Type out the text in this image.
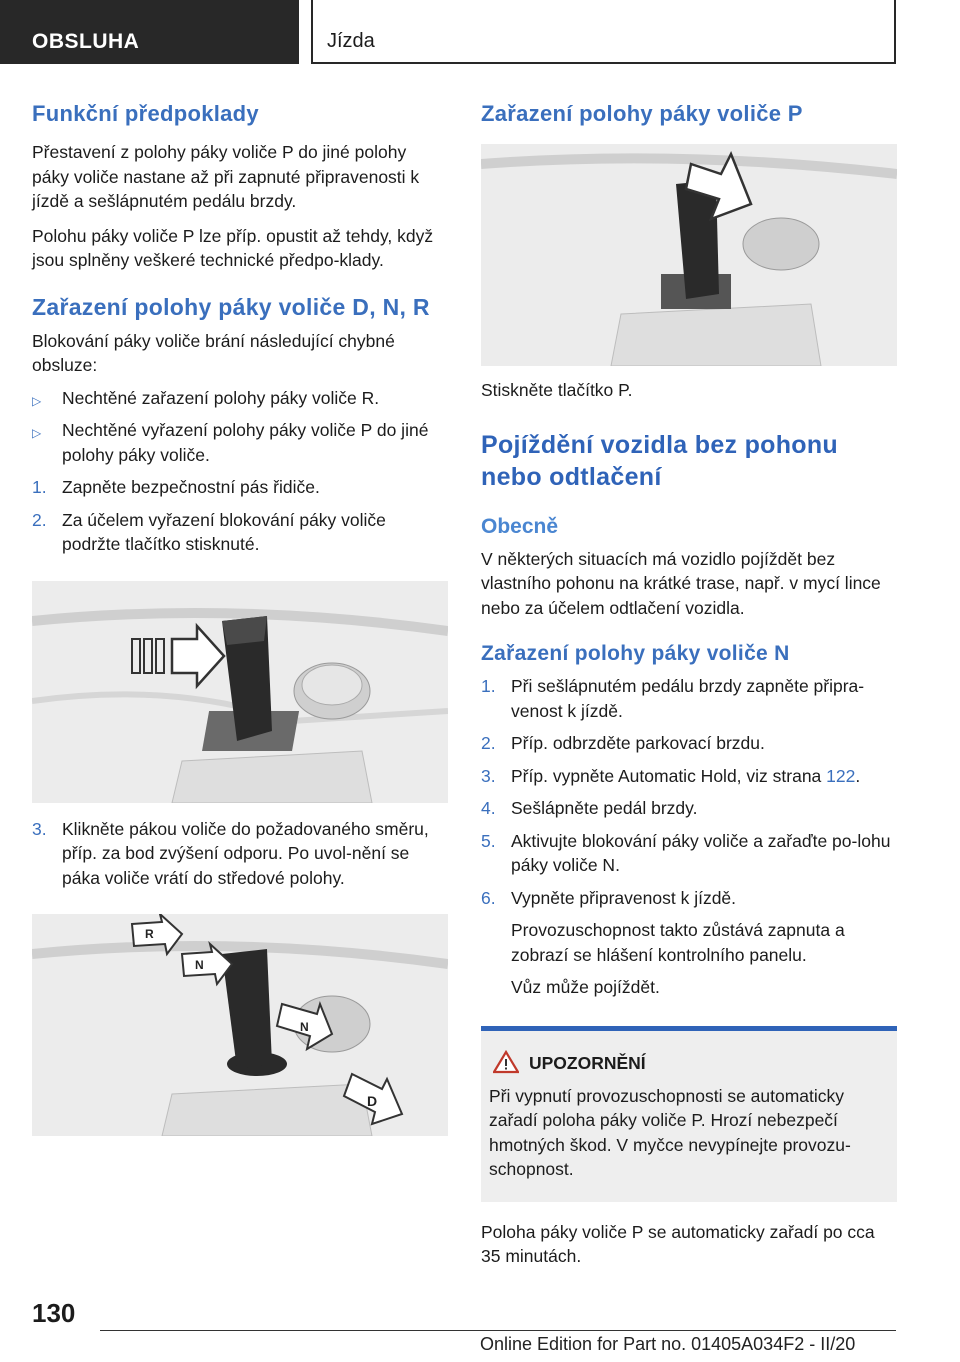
OBSLUHA	Jízda
Funkční předpoklady

Přestavení z polohy páky voliče P do jiné polohy páky voliče nastane až při zapnuté připravenosti k jízdě a sešlápnutém pedálu brzdy.

Polohu páky voliče P lze příp. opustit až tehdy, když jsou splněny veškeré technické předpo-klady.

Zařazení polohy páky voliče D, N, R

Blokování páky voliče brání následující chybné obsluze:

▷ Nechtěné zařazení polohy páky voliče R.
▷ Nechtěné vyřazení polohy páky voliče P do jiné polohy páky voliče.
1. Zapněte bezpečnostní pás řidiče.
2. Za účelem vyřazení blokování páky voliče podržte tlačítko stisknuté.
3. Klikněte pákou voliče do požadovaného směru, příp. za bod zvýšení odporu. Po uvol-nění se páka voliče vrátí do středové polohy.
R
N
N
D
Zařazení polohy páky voliče P

Stiskněte tlačítko P.

Pojíždění vozidla bez pohonu nebo odtlačení
Obecně

V některých situacích má vozidlo pojíždět bez vlastního pohonu na krátké trase, např. v mycí lince nebo za účelem odtlačení vozidla.

Zařazení polohy páky voliče N
1. Při sešlápnutém pedálu brzdy zapněte připra-venost k jízdě.
2. Příp. odbrzděte parkovací brzdu.
3. Příp. vypněte Automatic Hold, viz strana 122.
4. Sešlápněte pedál brzdy.
5. Aktivujte blokování páky voliče a zařaďte po-lohu páky voliče N.
6. Vypněte připravenost k jízdě.

Provozuschopnost takto zůstává zapnuta a zobrazí se hlášení kontrolního panelu.

Vůz může pojíždět.

UPOZORNĚNÍ

Při vypnutí provozuschopnosti se automaticky zařadí poloha páky voliče P. Hrozí nebezpečí hmotných škod. V myčce nevypínejte provozu-schopnost.

Poloha páky voliče P se automaticky zařadí po cca 35 minutách.

130
Online Edition for Part no. 01405A034F2 - II/20
